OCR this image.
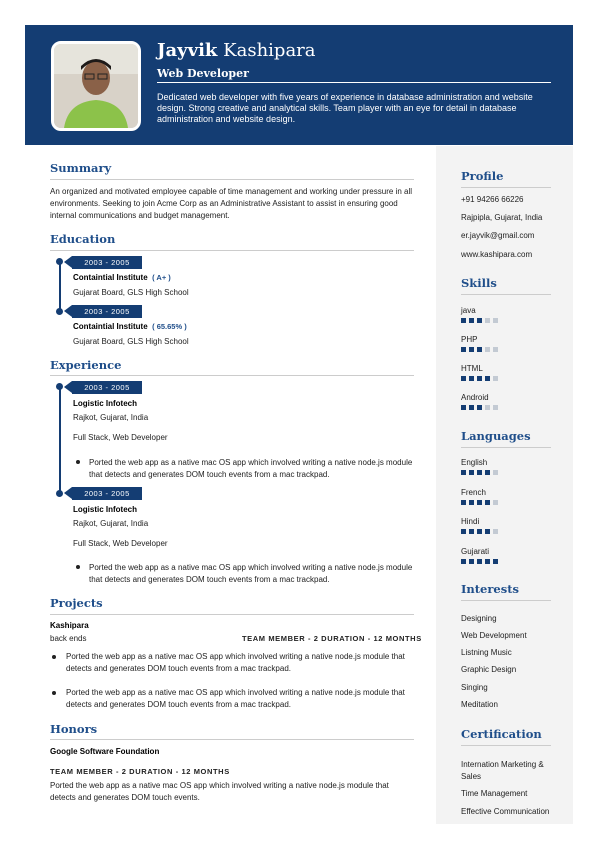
Jayvik Kashipara
Web Developer
Dedicated web developer with five years of experience in database administration and website design. Strong creative and analytical skills. Team player with an eye for detail in database administration and website design.
Profile
+91 94266 66226
Rajpipla, Gujarat, India
er.jayvik@gmail.com
www.kashipara.com
Skills
java
PHP
HTML
Android
Languages
English
French
Hindi
Gujarati
Interests
Designing
Web Development
Listning Music
Graphic Design
Singing
Meditation
Certification
Internation Marketing & Sales
Time Management
Effective Communication
Summary
An organized and motivated employee capable of time management and working under pressure in all environments. Seeking to join Acme Corp as an Administrative Assistant to assist in ensuring good internal communications and budget management.
Education
2003 - 2005
Containtial Institute ( A+ )
Gujarat Board, GLS High School
2003 - 2005
Containtial Institute ( 65.65% )
Gujarat Board, GLS High School
Experience
2003 - 2005
Logistic Infotech
Rajkot, Gujarat, India
Full Stack, Web Developer
Ported the web app as a native mac OS app which involved writing a native node.js module that detects and generates DOM touch events from a mac trackpad.
2003 - 2005
Logistic Infotech
Rajkot, Gujarat, India
Full Stack, Web Developer
Ported the web app as a native mac OS app which involved writing a native node.js module that detects and generates DOM touch events from a mac trackpad.
Projects
Kashipara
back ends	TEAM MEMBER - 2 DURATION - 12 MONTHS
Ported the web app as a native mac OS app which involved writing a native node.js module that detects and generates DOM touch events from a mac trackpad.
Ported the web app as a native mac OS app which involved writing a native node.js module that detects and generates DOM touch events from a mac trackpad.
Honors
Google Software Foundation
TEAM MEMBER - 2 DURATION - 12 MONTHS
Ported the web app as a native mac OS app which involved writing a native node.js module that detects and generates DOM touch events.
